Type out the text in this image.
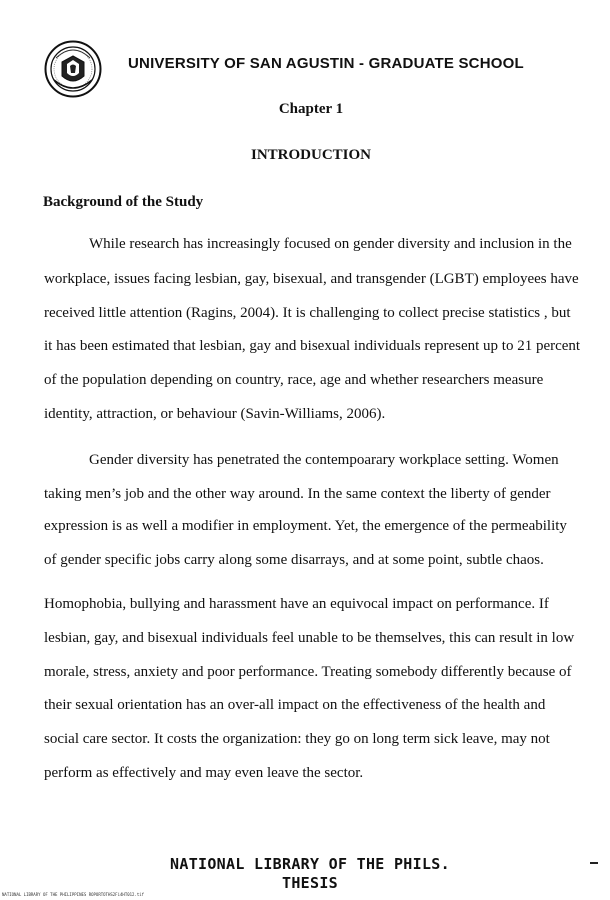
UNIVERSITY OF SAN AGUSTIN - GRADUATE SCHOOL
Chapter 1
INTRODUCTION
Background of the Study
While research has increasingly focused on gender diversity and inclusion in the
workplace, issues facing lesbian, gay, bisexual, and transgender (LGBT) employees have
received little attention (Ragins, 2004). It is challenging to collect precise statistics , but
it has been estimated that lesbian, gay and bisexual individuals represent up to 21 percent
of the population depending on country, race, age and whether researchers measure
identity, attraction, or behaviour (Savin-Williams, 2006).
Gender diversity has penetrated the contempoarary workplace setting. Women
taking men’s job and the other way around. In the same context the liberty of gender
expression is as well a modifier in employment. Yet, the emergence of the permeability
of gender specific jobs carry along some disarrays, and at some point, subtle chaos.
Homophobia, bullying and harassment have an equivocal impact on performance. If
lesbian, gay, and bisexual individuals feel unable to be themselves, this can result in low
morale, stress, anxiety and poor performance. Treating somebody differently because of
their sexual orientation has an over-all impact on the effectiveness of the health and
social care sector. It costs the organization: they go on long term sick leave, may not
perform as effectively and may even leave the sector.
NATIONAL LIBRARY OF THE PHILS.
THESIS
NATIONAL LIBRARY OF THE PHILIPPINES ROPORTOTHS2Fi4HT012.tif
